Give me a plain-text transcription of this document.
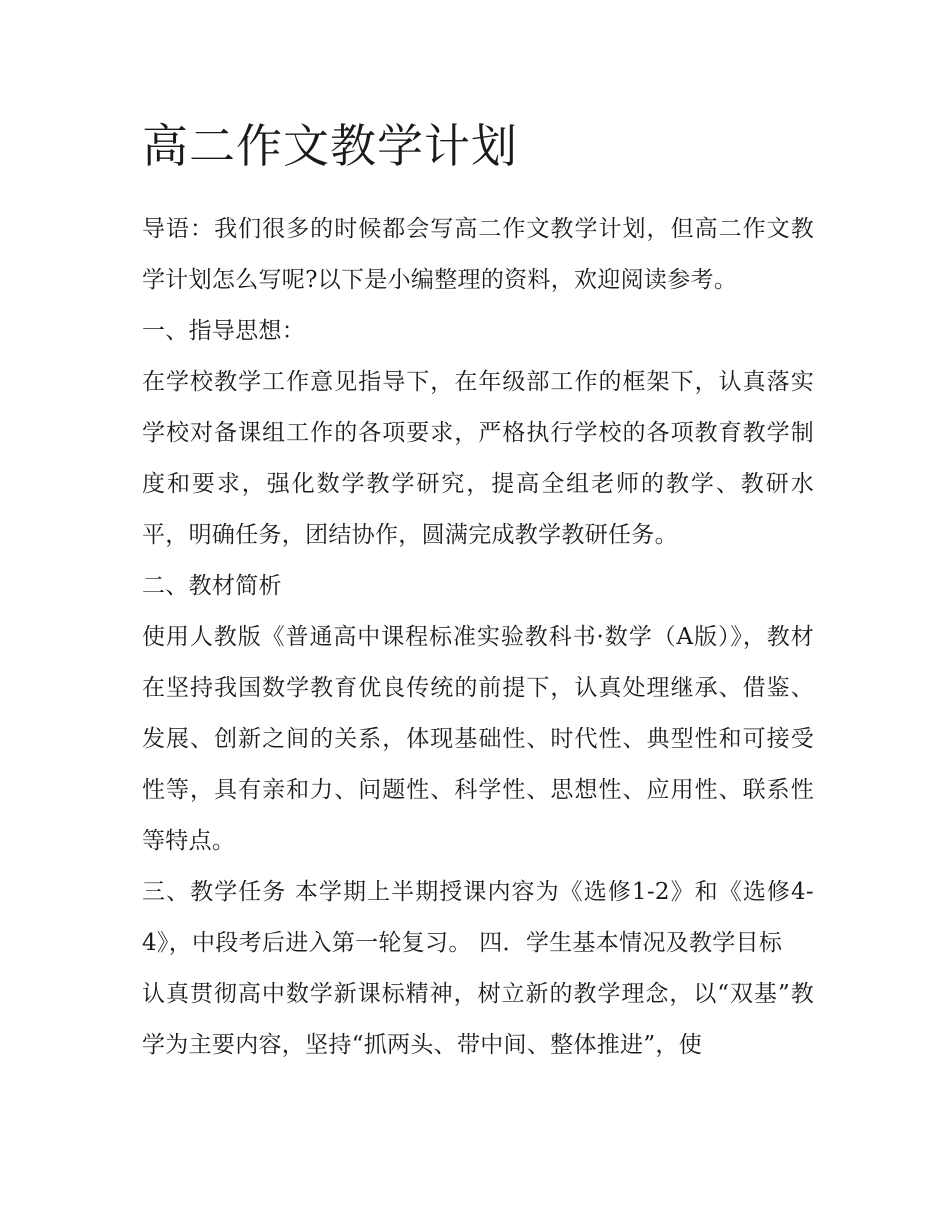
高二作文教学计划

导语：我们很多的时候都会写高二作文教学计划，但高二作文教学计划怎么写呢?以下是小编整理的资料，欢迎阅读参考。

一、指导思想：

在学校教学工作意见指导下，在年级部工作的框架下，认真落实学校对备课组工作的各项要求，严格执行学校的各项教育教学制度和要求，强化数学教学研究，提高全组老师的教学、教研水平，明确任务，团结协作，圆满完成教学教研任务。

二、教材简析

使用人教版《普通高中课程标准实验教科书·数学（A版）》，教材在坚持我国数学教育优良传统的前提下，认真处理继承、借鉴、发展、创新之间的关系，体现基础性、时代性、典型性和可接受性等，具有亲和力、问题性、科学性、思想性、应用性、联系性等特点。

三、教学任务 本学期上半期授课内容为《选修1-2》和《选修4-4》，中段考后进入第一轮复习。 四．学生基本情况及教学目标

认真贯彻高中数学新课标精神，树立新的教学理念，以“双基”教学为主要内容，坚持“抓两头、带中间、整体推进”，使
